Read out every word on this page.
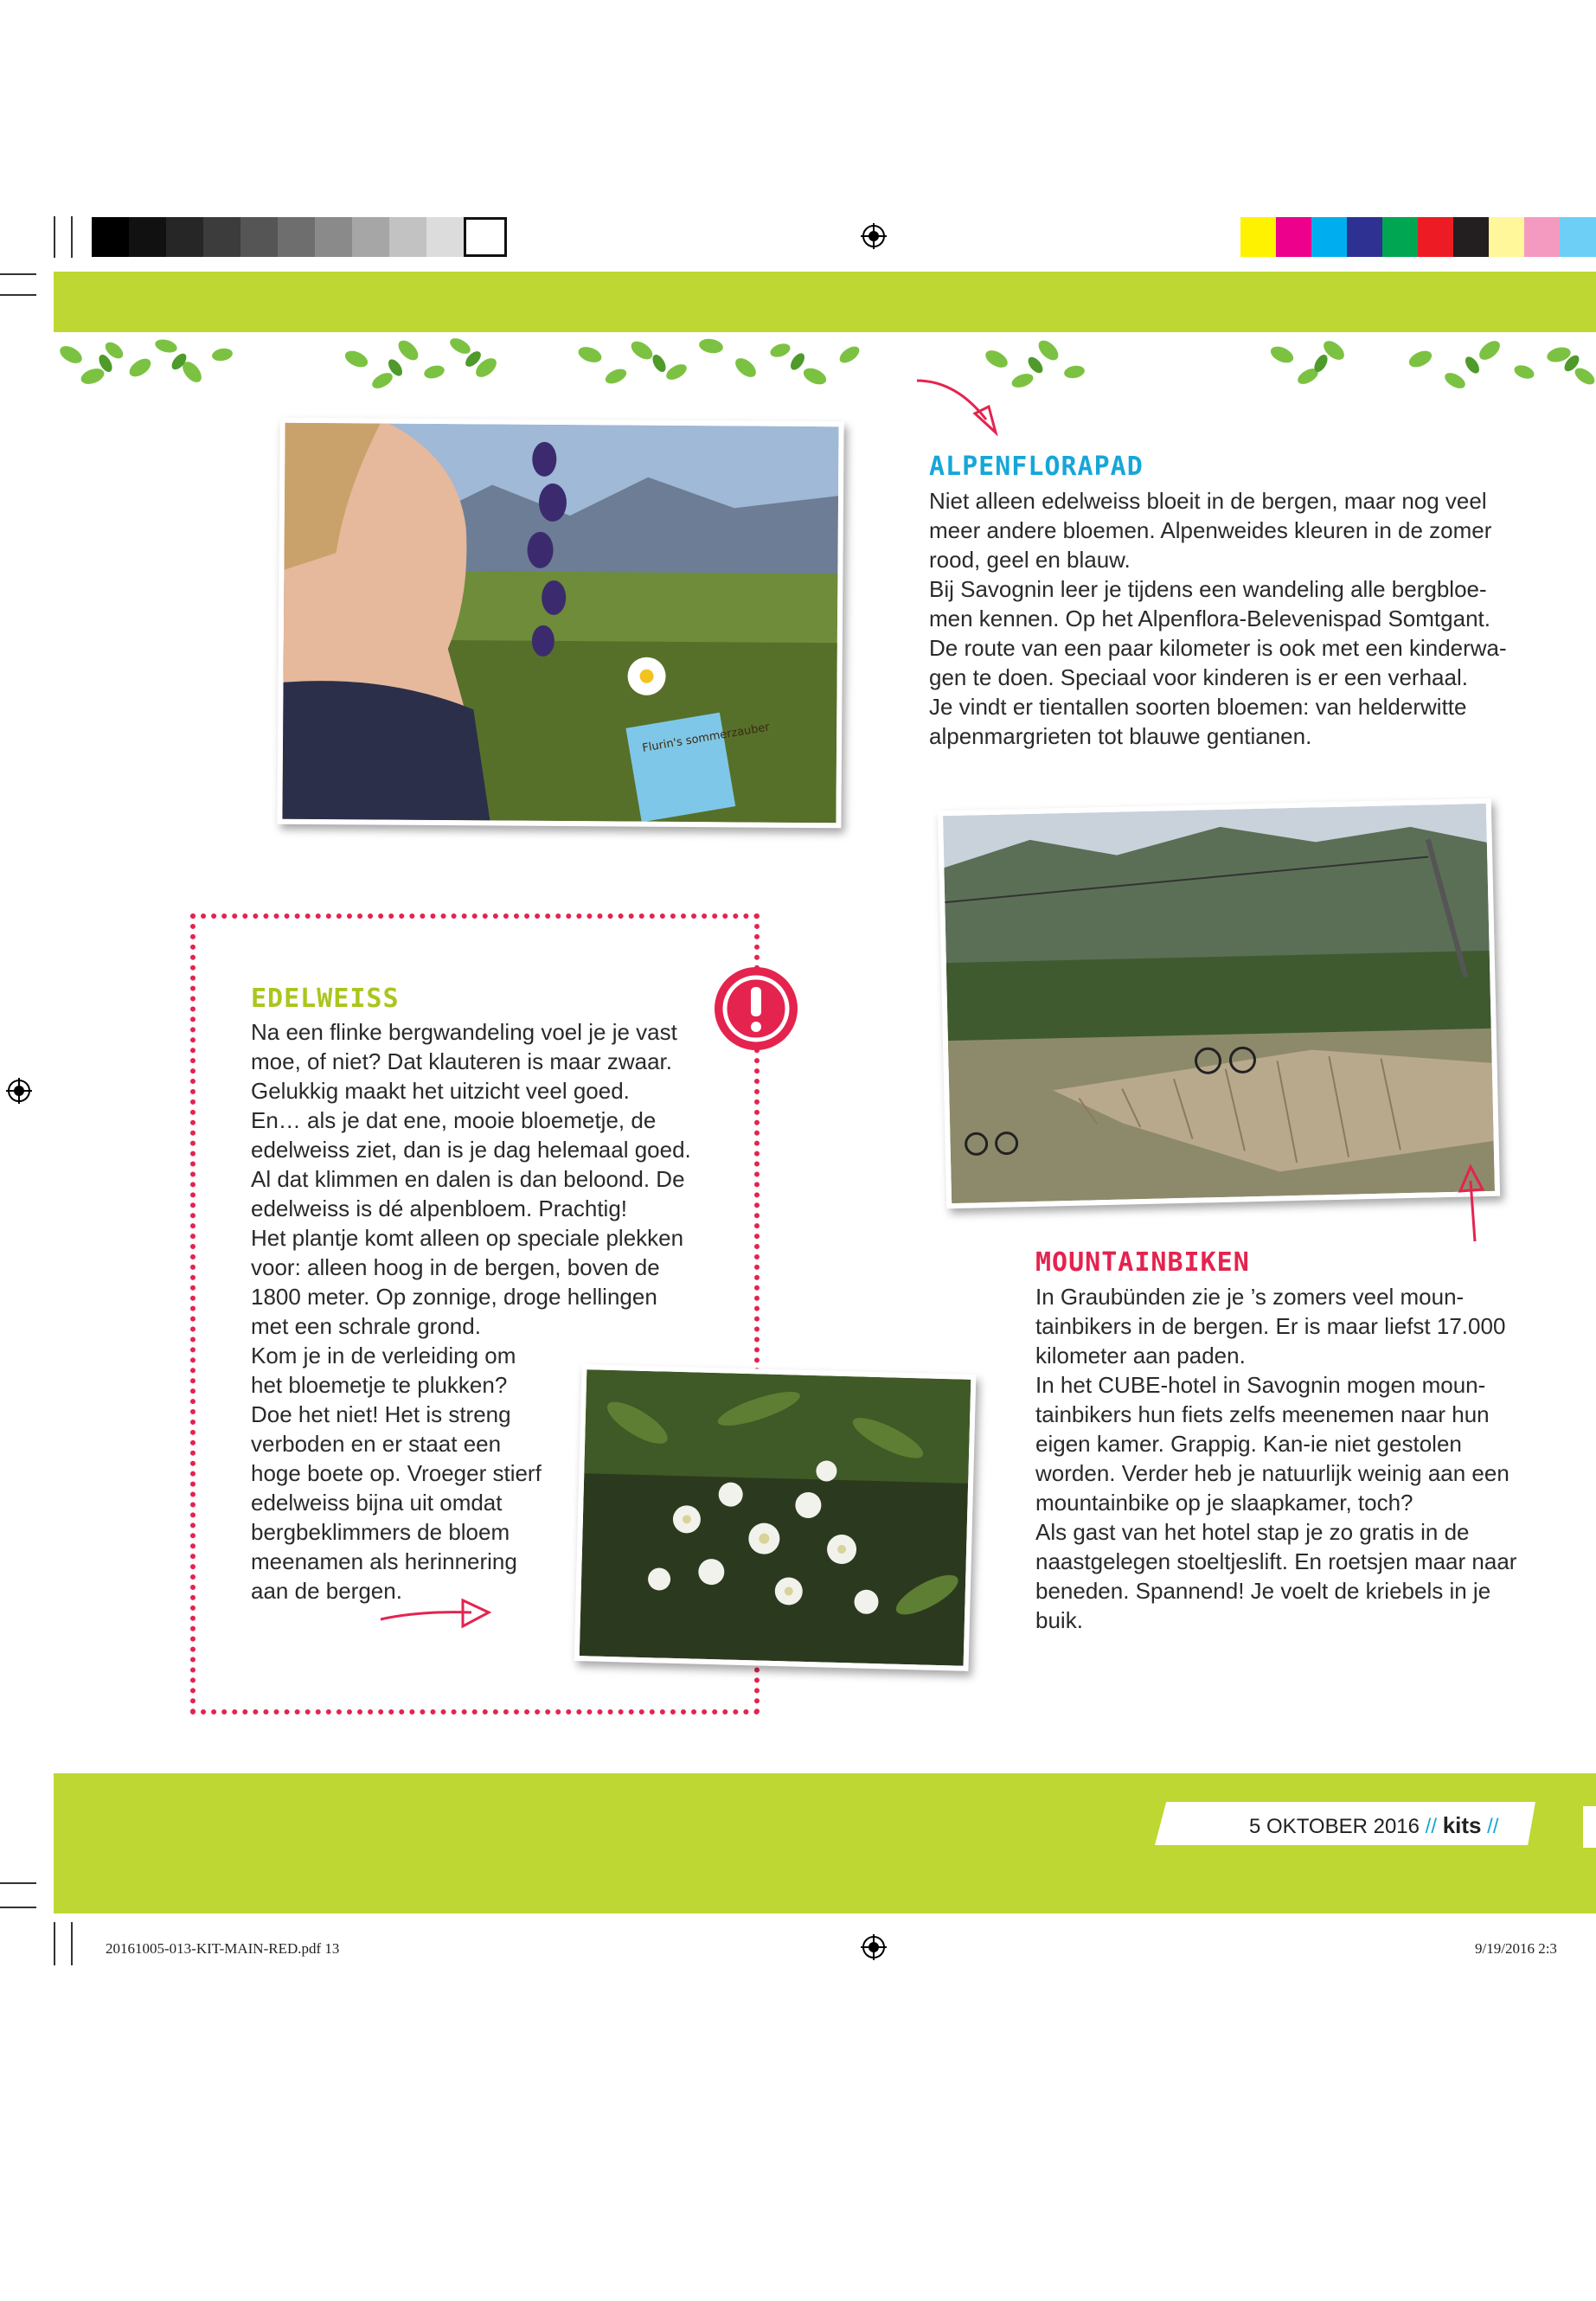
Flurin's sommerzauber
ALPENFLORAPAD
Niet alleen edelweiss bloeit in de bergen, maar nog veel
meer andere bloemen. Alpenweides kleuren in de zomer
rood, geel en blauw.
Bij Savognin leer je tijdens een wandeling alle bergbloe-
men kennen. Op het Alpenflora-Belevenispad Somtgant.
De route van een paar kilometer is ook met een kinderwa-
gen te doen. Speciaal voor kinderen is er een verhaal.
Je vindt er tientallen soorten bloemen: van helderwitte
alpenmargrieten tot blauwe gentianen.
EDELWEISS
Na een flinke bergwandeling voel je je vast
moe, of niet? Dat klauteren is maar zwaar.
Gelukkig maakt het uitzicht veel goed.
En… als je dat ene, mooie bloemetje, de
edelweiss ziet, dan is je dag helemaal goed.
Al dat klimmen en dalen is dan beloond. De
edelweiss is dé alpenbloem. Prachtig!
Het plantje komt alleen op speciale plekken
voor: alleen hoog in de bergen, boven de
1800 meter. Op zonnige, droge hellingen
met een schrale grond.
Kom je in de verleiding om
het bloemetje te plukken?
Doe het niet! Het is streng
verboden en er staat een
hoge boete op. Vroeger stierf
edelweiss bijna uit omdat
bergbeklimmers de bloem
meenamen als herinnering
aan de bergen.
MOUNTAINBIKEN
In Graubünden zie je ’s zomers veel moun-
tainbikers in de bergen. Er is maar liefst 17.000
kilometer aan paden.
In het CUBE-hotel in Savognin mogen moun-
tainbikers hun fiets zelfs meenemen naar hun
eigen kamer. Grappig. Kan-ie niet gestolen
worden. Verder heb je natuurlijk weinig aan een
mountainbike op je slaapkamer, toch?
Als gast van het hotel stap je zo gratis in de
naastgelegen stoeltjeslift. En roetsjen maar naar
beneden. Spannend! Je voelt de kriebels in je
buik.
5 OKTOBER 2016 // kits //
20161005-013-KIT-MAIN-RED.pdf 13	9/19/2016 2:3
